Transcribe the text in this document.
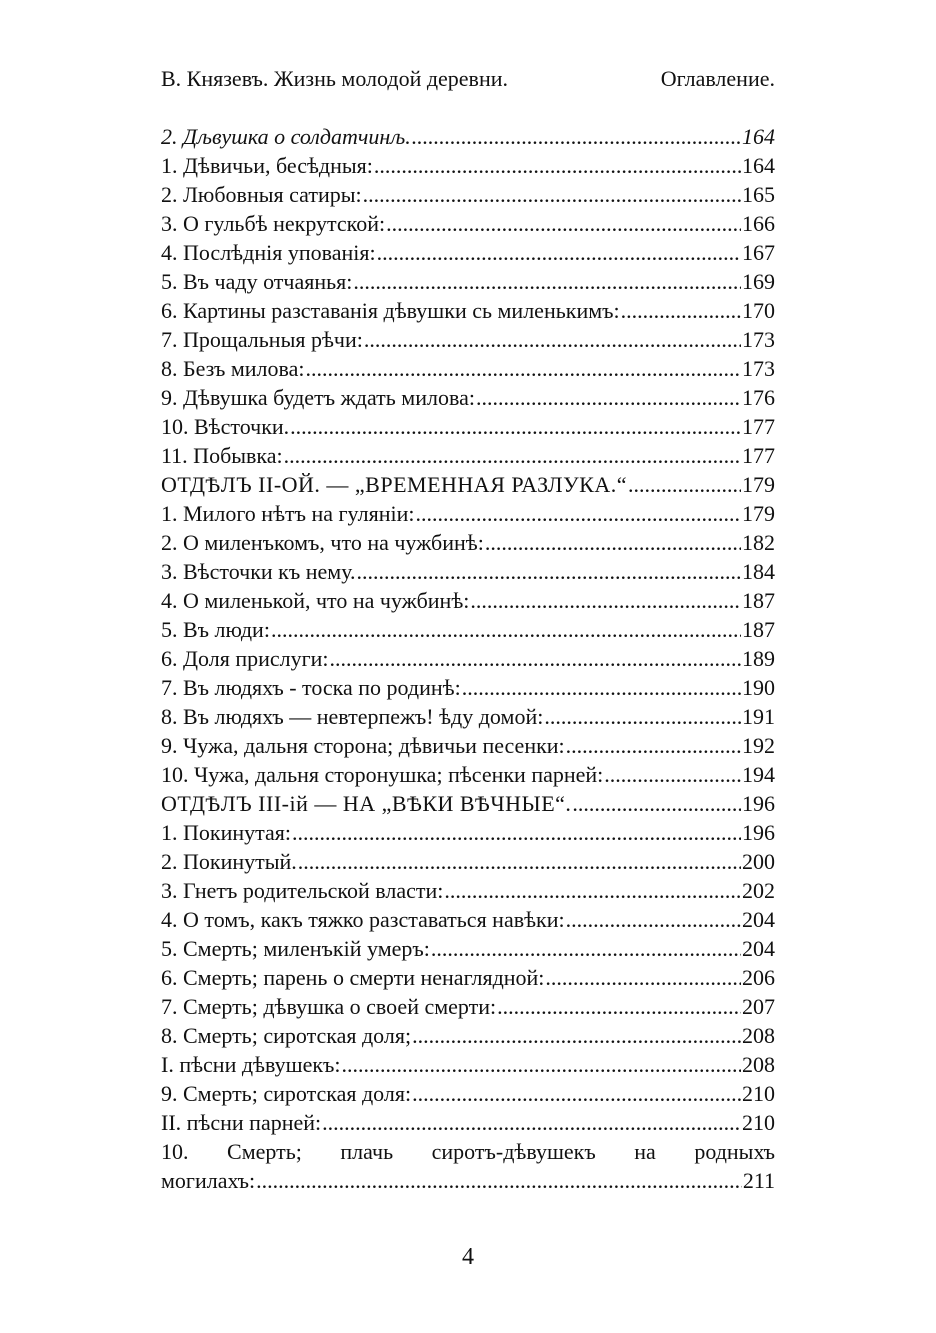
В. Князевъ. Жизнь молодой деревни.	Оглавление.
2. Дљвушка о солдатчинљ. .....	164
1. Дѣвичьи, бесѣдныя: .....	164
2. Любовныя сатиры: .....	165
3. О гульбѣ некрутской: .....	166
4. Послѣднія упованія: .....	167
5. Въ чаду отчаянья: .....	169
6. Картины разставанія дѣвушки сь миленькимъ: .....	170
7. Прощальныя рѣчи: .....	173
8. Безъ милова: .....	173
9. Дѣвушка будетъ ждать милова: .....	176
10. Вѣсточки. .....	177
11. Побывка: .....	177
ОТДѢЛЪ II-ОЙ. — „ВРЕМЕННАЯ РАЗЛУКА.“ .....	179
1. Милого нѣтъ на гуляніи: .....	179
2. О миленъкомъ, что на чужбинѣ: .....	182
3. Вѣсточки къ нему. .....	184
4. О миленькой, что на чужбинѣ: .....	187
5. Въ люди: .....	187
6. Доля прислуги: .....	189
7. Въ людяхъ - тоска по родинѣ: .....	190
8. Въ людяхъ — невтерпежъ! ѣду домой: .....	191
9. Чужа, дальня сторона; дѣвичьи песенки: .....	192
10. Чужа, дальня сторонушка; пѣсенки парней: .....	194
ОТДѢЛЪ III-ій — НА „ВѢКИ ВѢЧНЫЕ“. .....	196
1. Покинутая: .....	196
2. Покинутый. .....	200
3. Гнетъ родительской власти: .....	202
4. О томъ, какъ тяжко разставаться навѣки: .....	204
5. Смерть; миленъкій умеръ: .....	204
6. Смерть; парень о смерти ненаглядной: .....	206
7. Смерть; дѣвушка о своей смерти: .....	207
8. Смерть; сиротская доля; .....	208
I. пѣсни дѣвушекъ: .....	208
9. Смерть; сиротская доля: .....	210
II. пѣсни парней: .....	210
10. Смерть; плачь сиротъ-дѣвушекъ на родныхъ
могилахъ: .....	211
4
